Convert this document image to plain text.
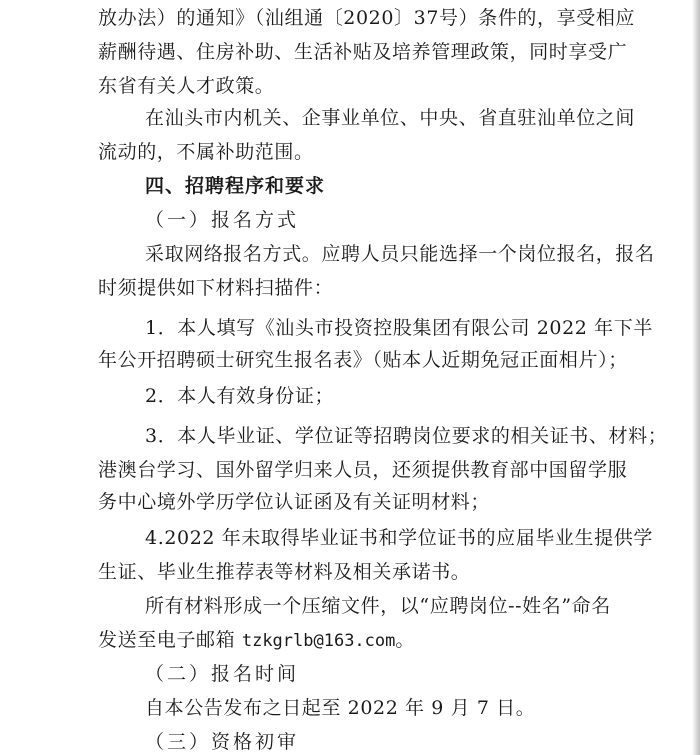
放办法）的通知》（汕组通〔2020〕37号）条件的，享受相应
薪酬待遇、住房补助、生活补贴及培养管理政策，同时享受广
东省有关人才政策。
在汕头市内机关、企事业单位、中央、省直驻汕单位之间
流动的，不属补助范围。
四、招聘程序和要求
（一）报名方式
采取网络报名方式。应聘人员只能选择一个岗位报名，报名
时须提供如下材料扫描件：
1．本人填写《汕头市投资控股集团有限公司 2022 年下半
年公开招聘硕士研究生报名表》（贴本人近期免冠正面相片）；
2．本人有效身份证；
3．本人毕业证、学位证等招聘岗位要求的相关证书、材料；
港澳台学习、国外留学归来人员，还须提供教育部中国留学服
务中心境外学历学位认证函及有关证明材料；
4.2022 年未取得毕业证书和学位证书的应届毕业生提供学
生证、毕业生推荐表等材料及相关承诺书。
所有材料形成一个压缩文件，以“应聘岗位--姓名”命名
发送至电子邮箱 tzkgrlb@163.com。
（二）报名时间
自本公告发布之日起至 2022 年 9 月 7 日。
（三）资格初审
